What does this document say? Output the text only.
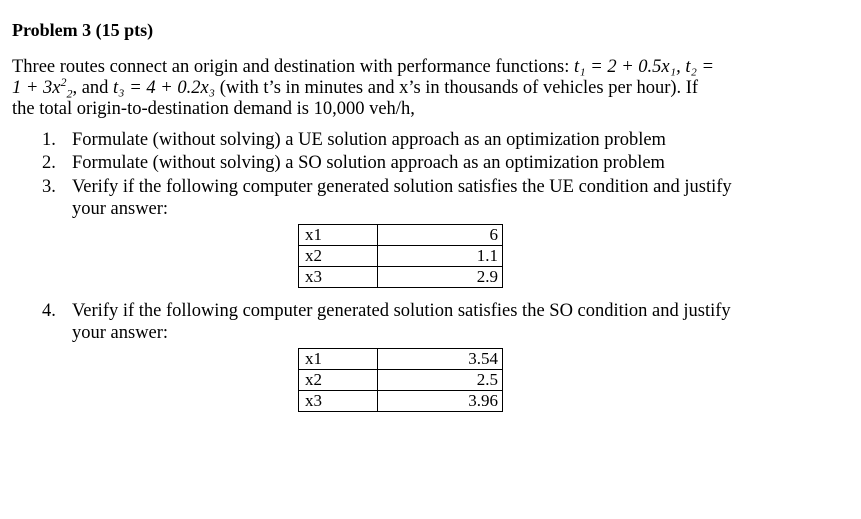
Problem 3 (15 pts)
Three routes connect an origin and destination with performance functions: t₁ = 2 + 0.5x₁, t₂ =
$1 + 3x^2_2$, and t₃ = 4 + 0.2x₃ (with t’s in minutes and x’s in thousands of vehicles per hour). If
the total origin-to-destination demand is 10,000 veh/h,
1. Formulate (without solving) a UE solution approach as an optimization problem
2. Formulate (without solving) a SO solution approach as an optimization problem
3. Verify if the following computer generated solution satisfies the UE condition and justify
your answer:
x1	6
x2	1.1
x3	2.9
4. Verify if the following computer generated solution satisfies the SO condition and justify
your answer:
x1	3.54
x2	2.5
x3	3.96
